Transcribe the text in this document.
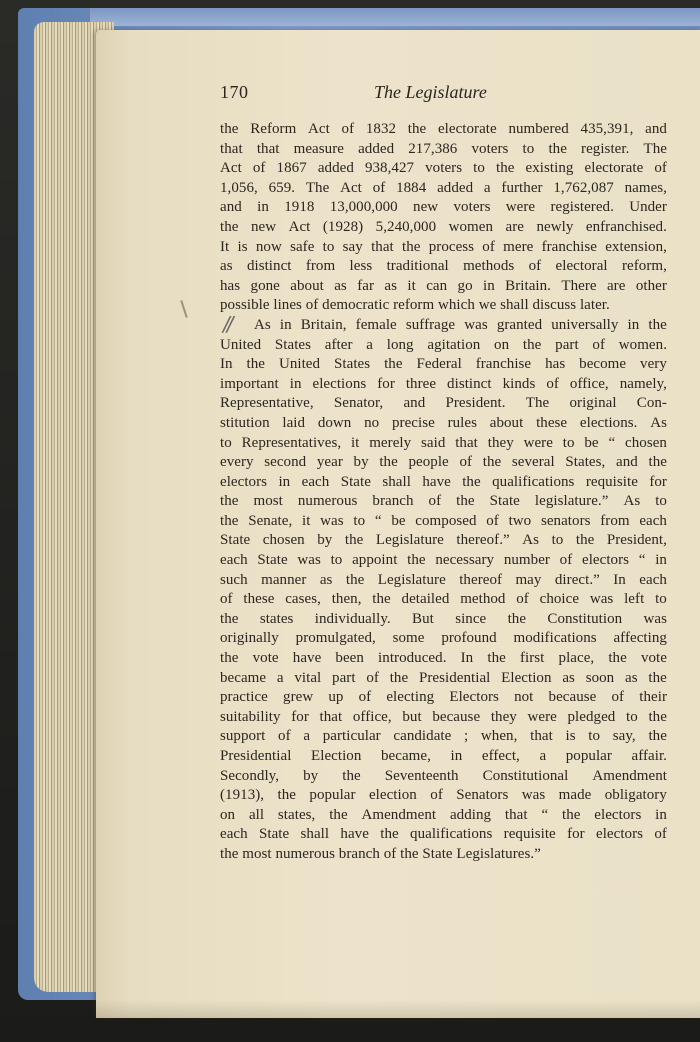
170	The Legislature
//
the Reform Act of 1832 the electorate numbered 435,391, and
that that measure added 217,386 voters to the register. The
Act of 1867 added 938,427 voters to the existing electorate of
1,056, 659. The Act of 1884 added a further 1,762,087 names,
and in 1918 13,000,000 new voters were registered. Under
the new Act (1928) 5,240,000 women are newly enfranchised.
It is now safe to say that the process of mere franchise extension,
as distinct from less traditional methods of electoral reform,
has gone about as far as it can go in Britain. There are other
possible lines of democratic reform which we shall discuss later.
As in Britain, female suffrage was granted universally in the
United States after a long agitation on the part of women.
In the United States the Federal franchise has become very
important in elections for three distinct kinds of office, namely,
Representative, Senator, and President. The original Con-
stitution laid down no precise rules about these elections. As
to Representatives, it merely said that they were to be “ chosen
every second year by the people of the several States, and the
electors in each State shall have the qualifications requisite for
the most numerous branch of the State legislature.” As to
the Senate, it was to “ be composed of two senators from each
State chosen by the Legislature thereof.” As to the President,
each State was to appoint the necessary number of electors “ in
such manner as the Legislature thereof may direct.” In each
of these cases, then, the detailed method of choice was left to
the states individually. But since the Constitution was
originally promulgated, some profound modifications affecting
the vote have been introduced. In the first place, the vote
became a vital part of the Presidential Election as soon as the
practice grew up of electing Electors not because of their
suitability for that office, but because they were pledged to the
support of a particular candidate ; when, that is to say, the
Presidential Election became, in effect, a popular affair.
Secondly, by the Seventeenth Constitutional Amendment
(1913), the popular election of Senators was made obligatory
on all states, the Amendment adding that “ the electors in
each State shall have the qualifications requisite for electors of
the most numerous branch of the State Legislatures.”
